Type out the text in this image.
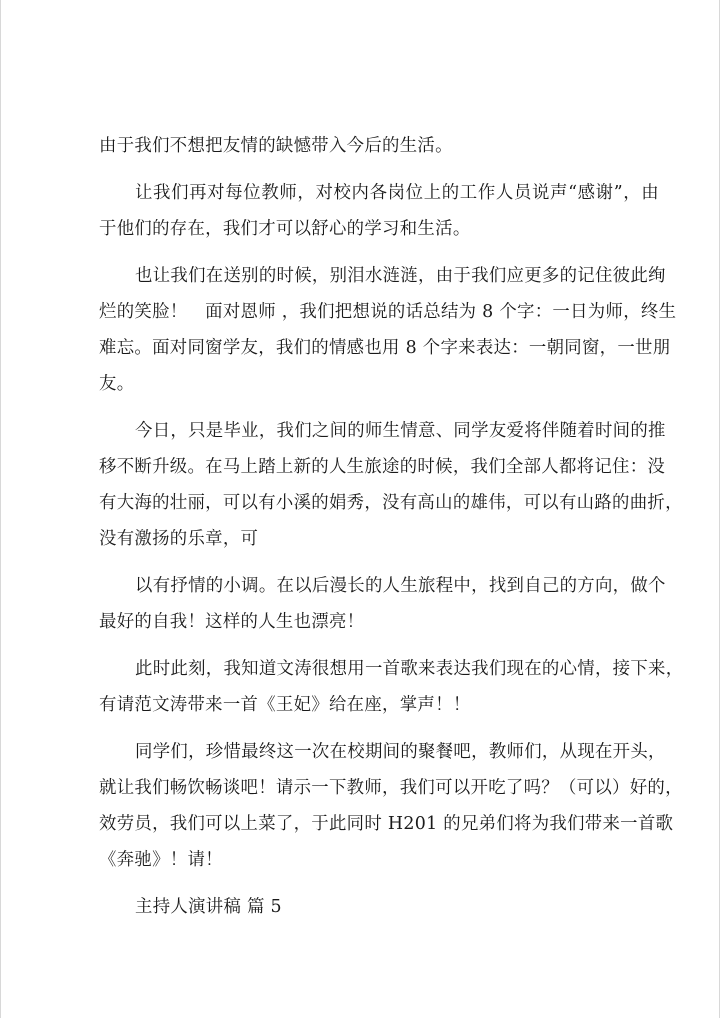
由于我们不想把友情的缺憾带入今后的生活。
让我们再对每位教师，对校内各岗位上的工作人员说声“感谢”，由
于他们的存在，我们才可以舒心的学习和生活。
也让我们在送别的时候，别泪水涟涟，由于我们应更多的记住彼此绚
烂的笑脸！　面对恩师 ，我们把想说的话总结为 8 个字：一日为师，终生
难忘。面对同窗学友，我们的情感也用 8 个字来表达：一朝同窗，一世朋
友。
今日，只是毕业，我们之间的师生情意、同学友爱将伴随着时间的推
移不断升级。在马上踏上新的人生旅途的时候，我们全部人都将记住：没
有大海的壮丽，可以有小溪的娟秀，没有高山的雄伟，可以有山路的曲折，
没有激扬的乐章，可
以有抒情的小调。在以后漫长的人生旅程中，找到自己的方向，做个
最好的自我！这样的人生也漂亮！
此时此刻，我知道文涛很想用一首歌来表达我们现在的心情，接下来，
有请范文涛带来一首《王妃》给在座，掌声！！
同学们，珍惜最终这一次在校期间的聚餐吧，教师们，从现在开头，
就让我们畅饮畅谈吧！请示一下教师，我们可以开吃了吗？（可以）好的，
效劳员，我们可以上菜了，于此同时 H201 的兄弟们将为我们带来一首歌
《奔驰》！请！
主持人演讲稿 篇 5
